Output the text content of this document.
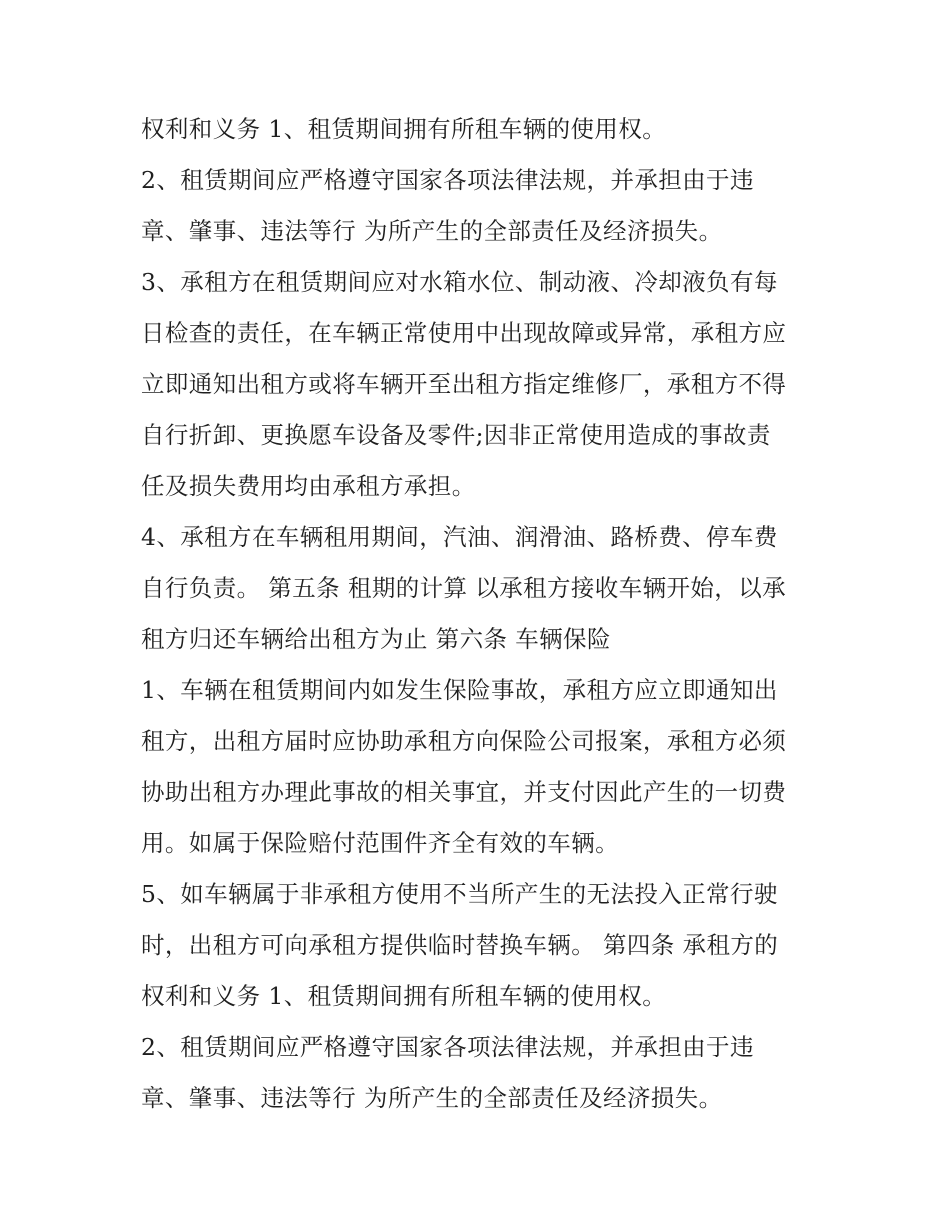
权利和义务 1、租赁期间拥有所租车辆的使用权。
2、租赁期间应严格遵守国家各项法律法规，并承担由于违
章、肇事、违法等行 为所产生的全部责任及经济损失。
3、承租方在租赁期间应对水箱水位、制动液、冷却液负有每
日检查的责任，在车辆正常使用中出现故障或异常，承租方应
立即通知出租方或将车辆开至出租方指定维修厂，承租方不得
自行折卸、更换愿车设备及零件;因非正常使用造成的事故责
任及损失费用均由承租方承担。
4、承租方在车辆租用期间，汽油、润滑油、路桥费、停车费
自行负责。 第五条 租期的计算 以承租方接收车辆开始，以承
租方归还车辆给出租方为止 第六条 车辆保险
1、车辆在租赁期间内如发生保险事故，承租方应立即通知出
租方，出租方届时应协助承租方向保险公司报案，承租方必须
协助出租方办理此事故的相关事宜，并支付因此产生的一切费
用。如属于保险赔付范围件齐全有效的车辆。
5、如车辆属于非承租方使用不当所产生的无法投入正常行驶
时，出租方可向承租方提供临时替换车辆。 第四条 承租方的
权利和义务 1、租赁期间拥有所租车辆的使用权。
2、租赁期间应严格遵守国家各项法律法规，并承担由于违
章、肇事、违法等行 为所产生的全部责任及经济损失。
